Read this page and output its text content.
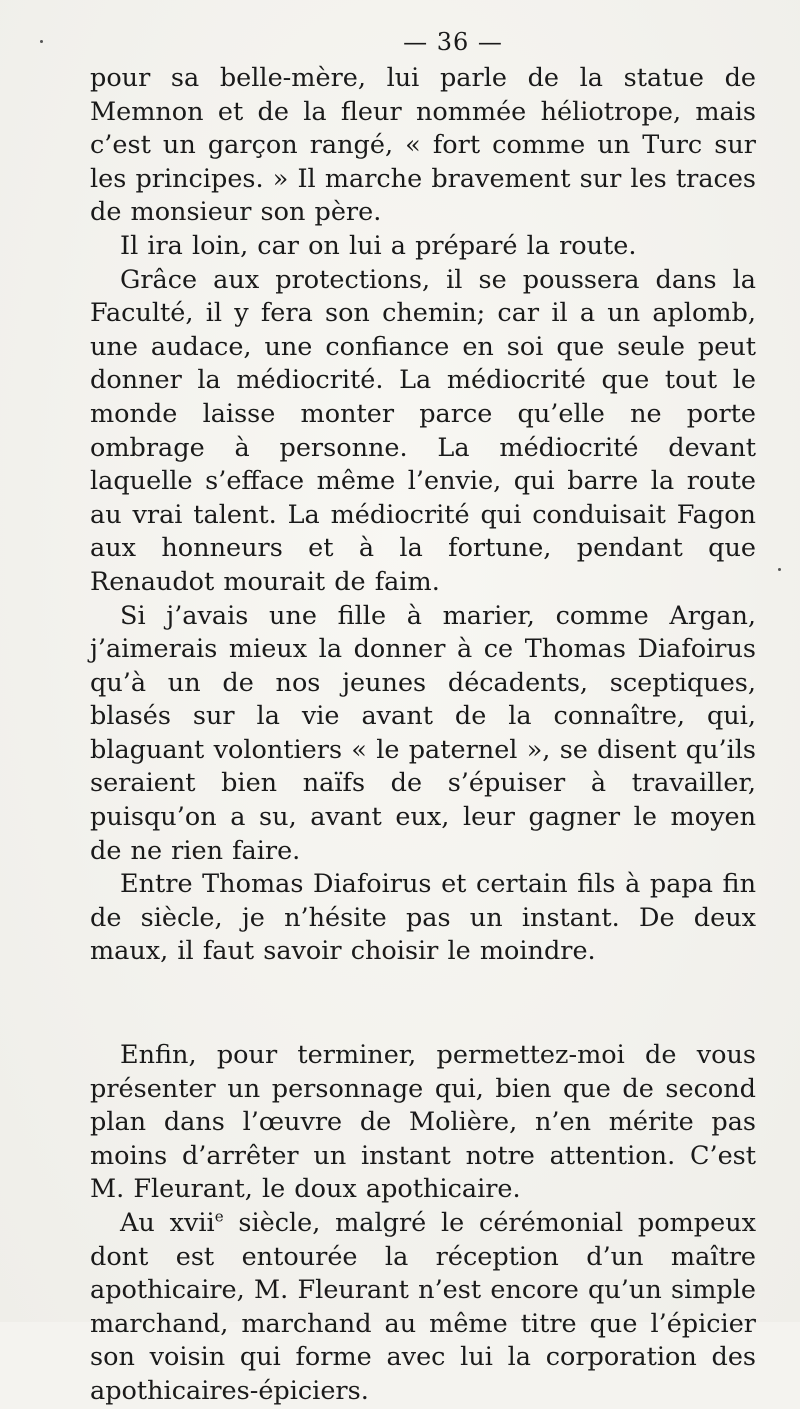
— 36 —

pour sa belle-mère, lui parle de la statue de Memnon et de la fleur nommée héliotrope, mais c’est un garçon rangé, « fort comme un Turc sur les principes. » Il marche bravement sur les traces de monsieur son père.

Il ira loin, car on lui a préparé la route.

Grâce aux protections, il se poussera dans la Faculté, il y fera son chemin; car il a un aplomb, une audace, une confiance en soi que seule peut donner la médiocrité. La médiocrité que tout le monde laisse monter parce qu’elle ne porte ombrage à personne. La médiocrité devant laquelle s’efface même l’envie, qui barre la route au vrai talent. La médiocrité qui conduisait Fagon aux honneurs et à la fortune, pendant que Renaudot mourait de faim.

Si j’avais une fille à marier, comme Argan, j’aimerais mieux la donner à ce Thomas Diafoirus qu’à un de nos jeunes décadents, sceptiques, blasés sur la vie avant de la connaître, qui, blaguant volontiers « le paternel », se disent qu’ils seraient bien naïfs de s’épuiser à travailler, puisqu’on a su, avant eux, leur gagner le moyen de ne rien faire.

Entre Thomas Diafoirus et certain fils à papa fin de siècle, je n’hésite pas un instant. De deux maux, il faut savoir choisir le moindre.

Enfin, pour terminer, permettez-moi de vous présenter un personnage qui, bien que de second plan dans l’œuvre de Molière, n’en mérite pas moins d’arrêter un instant notre attention. C’est M. Fleurant, le doux apothicaire.

Au xvii$^e$ siècle, malgré le cérémonial pompeux dont est entourée la réception d’un maître apothicaire, M. Fleurant n’est encore qu’un simple marchand, marchand au même titre que l’épicier son voisin qui forme avec lui la corporation des apothicaires-épiciers.
